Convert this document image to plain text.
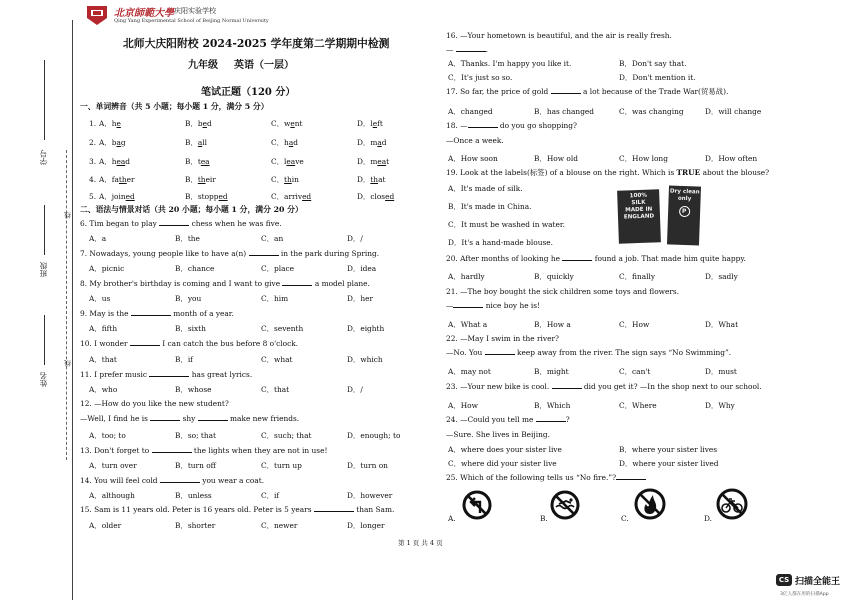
学号
班级
姓名
线
线
北京師範大學 庆阳实验学校
Qing Yang Experimental School of Beijing Normal University
北师大庆阳附校 2024-2025 学年度第二学期期中检测
九年级 英语（一层）
笔试正题（120 分）
一、单词辨音（共 5 小题；每小题 1 分，满分 5 分）
1. A．he	B．bed	C．went	D．left
2. A．bag	B．all	C．had	D．mad
3. A．head	B．tea	C．leave	D．meat
4. A．father	B．their	C．thin	D．that
5. A．joined	B．stopped	C．arrived	D．closed
二、语法与情景对话（共 20 小题；每小题 1 分，满分 20 分）
6. Tim began to play	chess when he was five.
A．a	B．the	C．an	D．/
7. Nowadays, young people like to have a(n)	in the park during Spring.
A．picnic	B．chance	C．place	D．idea
8. My brother's birthday is coming and I want to give	a model plane.
A．us	B．you	C．him	D．her
9. May is the	month of a year.
A．fifth	B．sixth	C．seventh	D．eighth
10. I wonder	I can catch the bus before 8 o'clock.
A．that	B．if	C．what	D．which
11. I prefer music	has great lyrics.
A．who	B．whose	C．that	D．/
12. —How do you like the new student?
—Well, I find he is	shy	make new friends.
A．too; to	B．so; that	C．such; that	D．enough; to
13. Don't forget to	the lights when they are not in use!
A．turn over	B．turn off	C．turn up	D．turn on
14. You will feel cold	you wear a coat.
A．although	B．unless	C．if	D．however
15. Sam is 11 years old. Peter is 16 years old. Peter is 5 years	than Sam.
A．older	B．shorter	C．newer	D．longer
16. —Your hometown is beautiful, and the air is really fresh.
—	.
A．Thanks. I'm happy you like it.	B．Don't say that.
C．It's just so so.	D．Don't mention it.
17. So far, the price of gold	a lot because of the Trade War(贸易战).
A．changed	B．has changed	C．was changing	D．will change
18. —	do you go shopping?
—Once a week.
A．How soon	B．How old	C．How long	D．How often
19. Look at the labels(标签) of a blouse on the right. Which is TRUE about the blouse?
A．It's made of silk.
B．It's made in China.
C．It must be washed in water.
D．It's a hand-made blouse.
100%
SILK
MADE IN
ENGLAND
Dry clean
only
P
20. After months of looking he	found a job. That made him quite happy.
A．hardly	B．quickly	C．finally	D．sadly
21. —The boy bought the sick children some toys and flowers.
—	nice boy he is!
A．What a	B．How a	C．How	D．What
22. —May I swim in the river?
—No. You	keep away from the river. The sign says “No Swimming”.
A．may not	B．might	C．can't	D．must
23. —Your new bike is cool.	did you get it? —In the shop next to our school.
A．How	B．Which	C．Where	D．Why
24. —Could you tell me	?
—Sure. She lives in Beijing.
A．where does your sister live	B．where your sister lives
C．where did your sister live	D．where your sister lived
25. Which of the following tells us “No fire.”?
A.	B.	C.	D.
第 1 页 共 4 页
CS 扫描全能王
3亿人都在用的扫描App
